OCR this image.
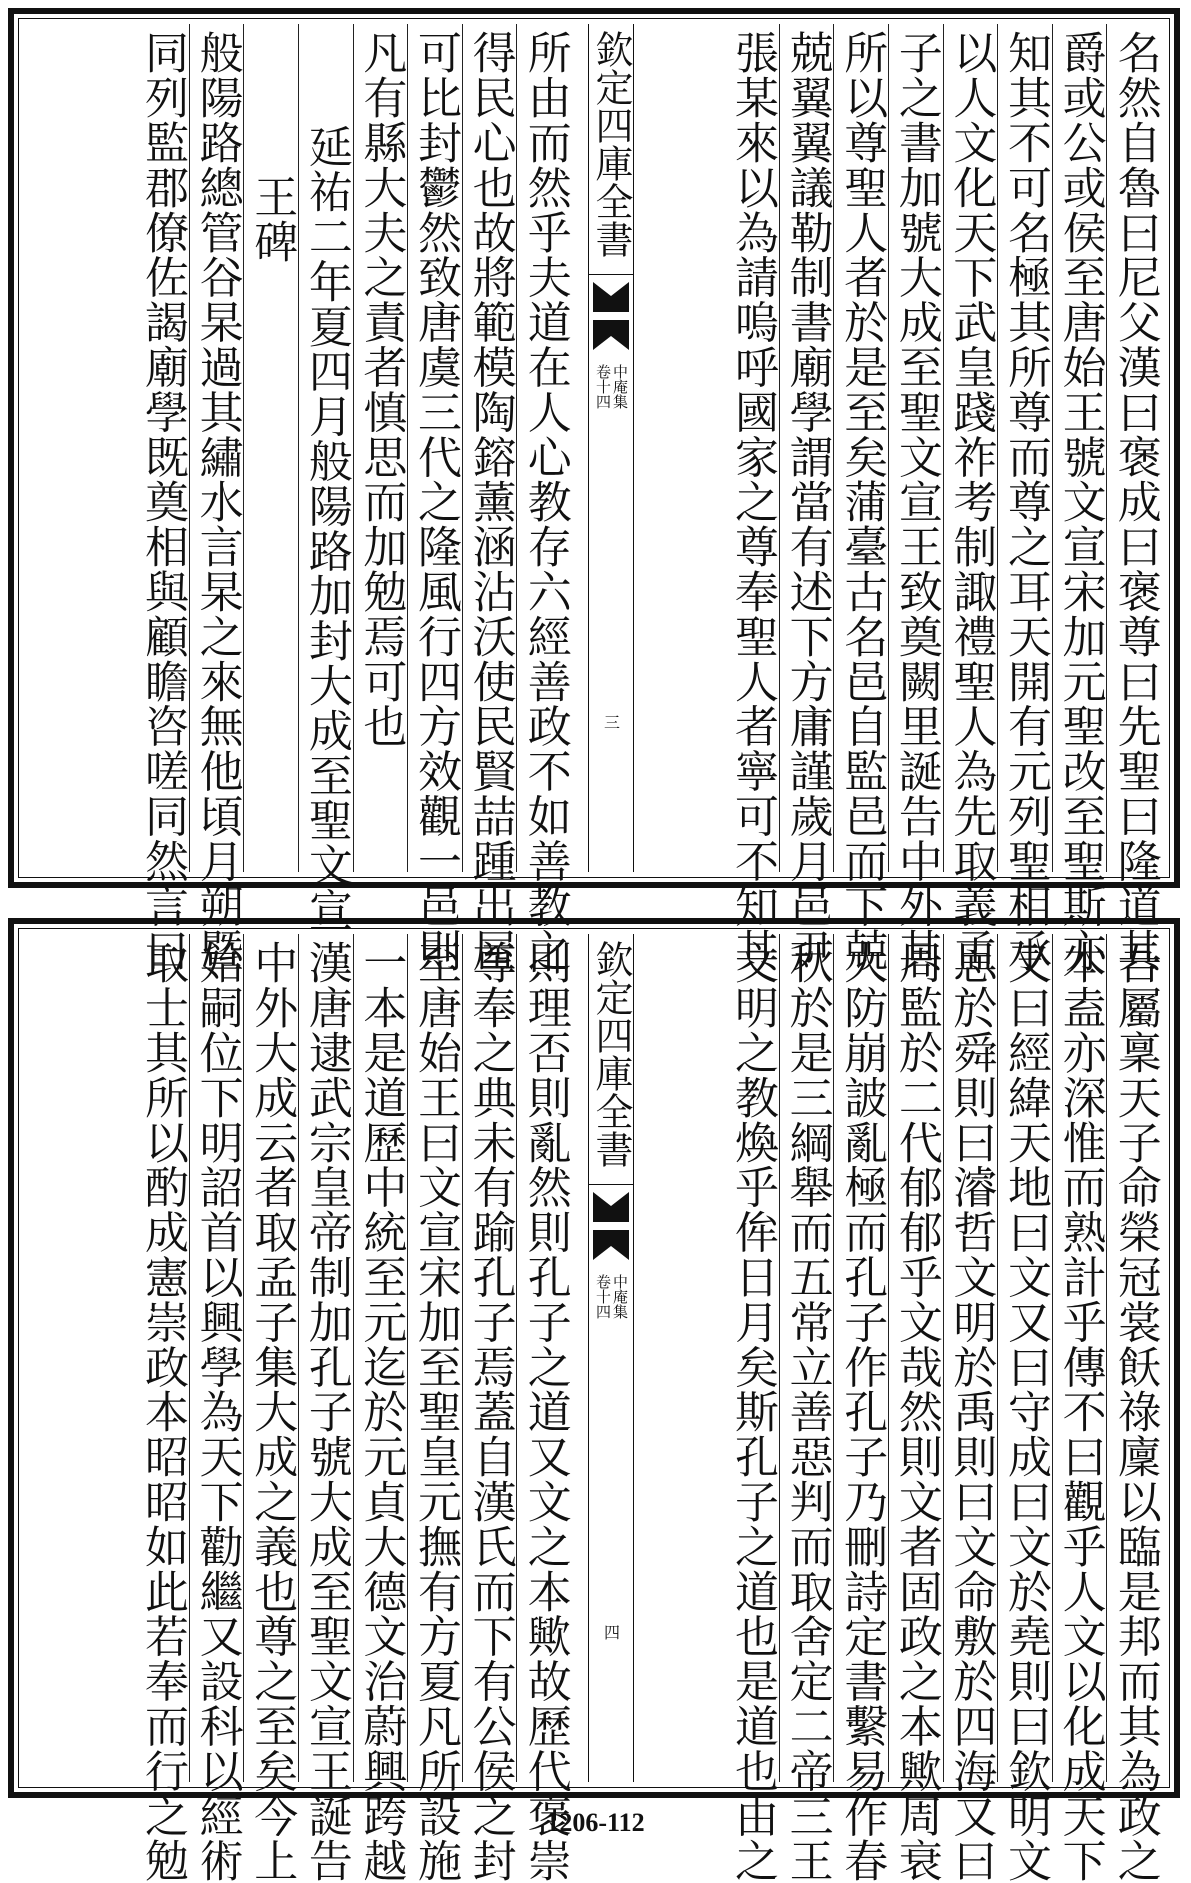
名然自魯曰尼父漢曰褒成曰褒尊曰先聖曰隆道其
爵或公或侯至唐始王號文宣宋加元聖改至聖斯亦
知其不可名極其所尊而尊之耳天開有元列聖相承
以人文化天下武皇踐祚考制諏禮聖人為先取義孟
子之書加號大成至聖文宣王致奠闕里誕告中外其
所以尊聖人者於是至矣蒲臺古名邑自監邑而下兢
兢翼翼議勒制書廟學謂當有述下方庸謹歲月邑尹
張某來以為請嗚呼國家之尊奉聖人者寧可不知其
欽定四庫全書
中庵集
卷十四
三
所由而然乎夫道在人心教存六經善政不如善教之
得民心也故將範模陶鎔薰涵沾沃使民賢喆踵出屋
可比封鬱然致唐虞三代之隆風行四方效觀一邑則
凡有縣大夫之責者慎思而加勉焉可也
延祐二年夏四月般陽路加封大成至聖文宣
王碑
般陽路總管谷杲過其繡水言杲之來無他頃月朔暨
同列監郡僚佐謁廟學既奠相與顧瞻咨嗟同然言曰
吾屬稟天子命榮冠裳飫祿廩以臨是邦而其為政之
本盍亦深惟而熟計乎傳不曰觀乎人文以化成天下
又曰經緯天地曰文又曰守成曰文於堯則曰欽明文
思於舜則曰濬哲文明於禹則曰文命敷於四海又曰
周監於二代郁郁乎文哉然則文者固政之本歟周衰
大防崩詖亂極而孔子作孔子乃刪詩定書繫易作春
秋於是三綱舉而五常立善惡判而取舍定二帝三王
文明之教煥乎侔日月矣斯孔子之道也是道也由之
欽定四庫全書
中庵集
卷十四
四
則理否則亂然則孔子之道又文之本歟故歷代褒崇
尊奉之典未有踰孔子焉蓋自漢氏而下有公侯之封
至唐始王曰文宣宋加至聖皇元撫有方夏凡所設施
一本是道歷中統至元迄於元貞大德文治蔚興跨越
漢唐逮武宗皇帝制加孔子號大成至聖文宣王誕告
中外大成云者取孟子集大成之義也尊之至矣今上
始嗣位下明詔首以興學為天下勸繼又設科以經術
取士其所以酌成憲崇政本昭昭如此若奉而行之勉	1206-112
